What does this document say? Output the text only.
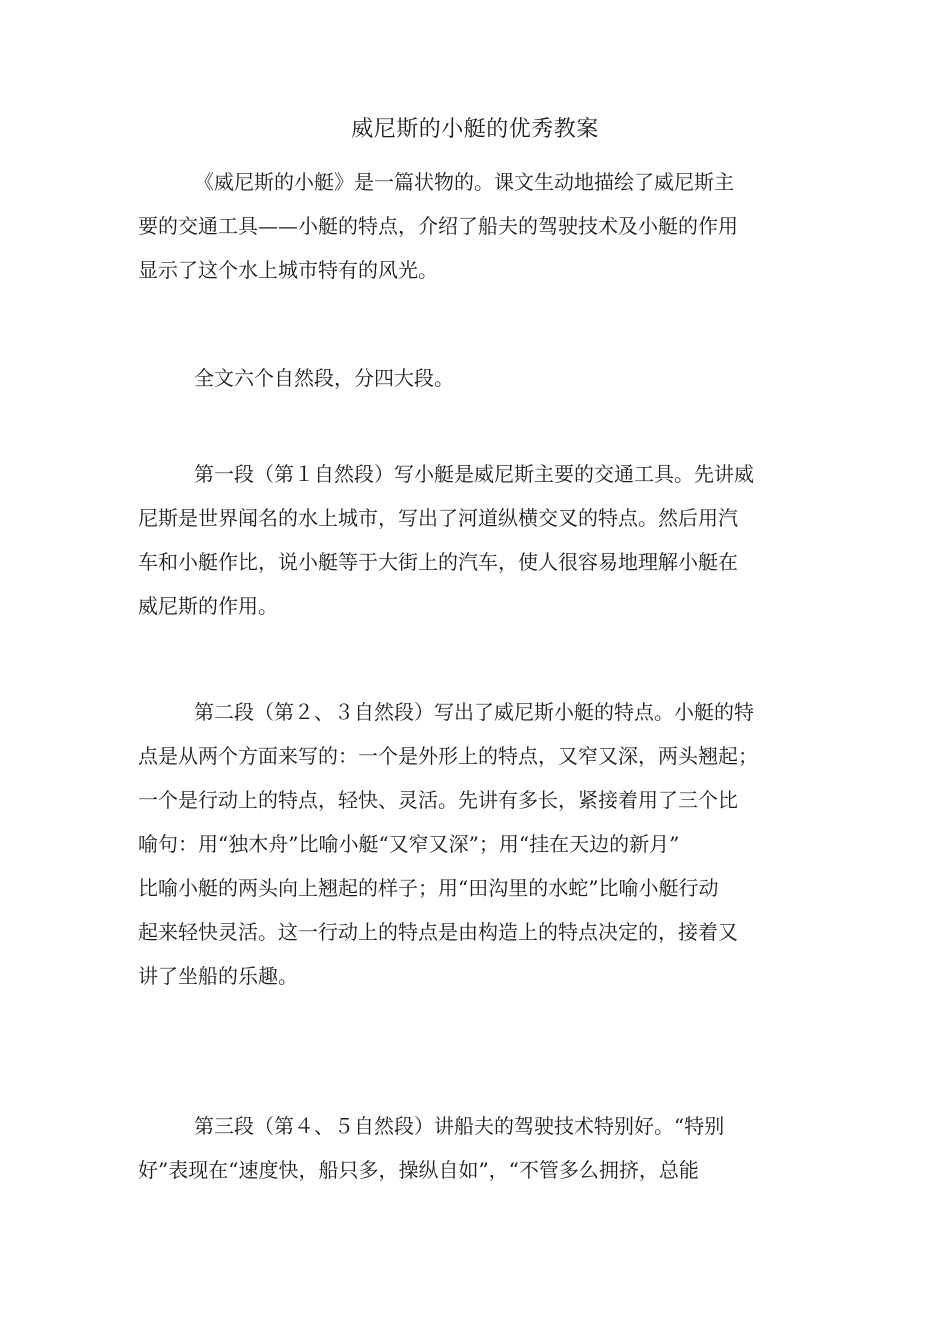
威尼斯的小艇的优秀教案

《威尼斯的小艇》是一篇状物的。课文生动地描绘了威尼斯主
要的交通工具——小艇的特点，介绍了船夫的驾驶技术及小艇的作用
显示了这个水上城市特有的风光。

全文六个自然段，分四大段。

第一段（第１自然段）写小艇是威尼斯主要的交通工具。先讲威
尼斯是世界闻名的水上城市，写出了河道纵横交叉的特点。然后用汽
车和小艇作比，说小艇等于大街上的汽车，使人很容易地理解小艇在
威尼斯的作用。

第二段（第２、３自然段）写出了威尼斯小艇的特点。小艇的特
点是从两个方面来写的：一个是外形上的特点，又窄又深，两头翘起；
一个是行动上的特点，轻快、灵活。先讲有多长，紧接着用了三个比
喻句：用“独木舟”比喻小艇“又窄又深”；用“挂在天边的新月”
比喻小艇的两头向上翘起的样子；用“田沟里的水蛇”比喻小艇行动
起来轻快灵活。这一行动上的特点是由构造上的特点决定的，接着又
讲了坐船的乐趣。

第三段（第４、５自然段）讲船夫的驾驶技术特别好。“特别
好”表现在“速度快，船只多，操纵自如”，“不管多么拥挤，总能
